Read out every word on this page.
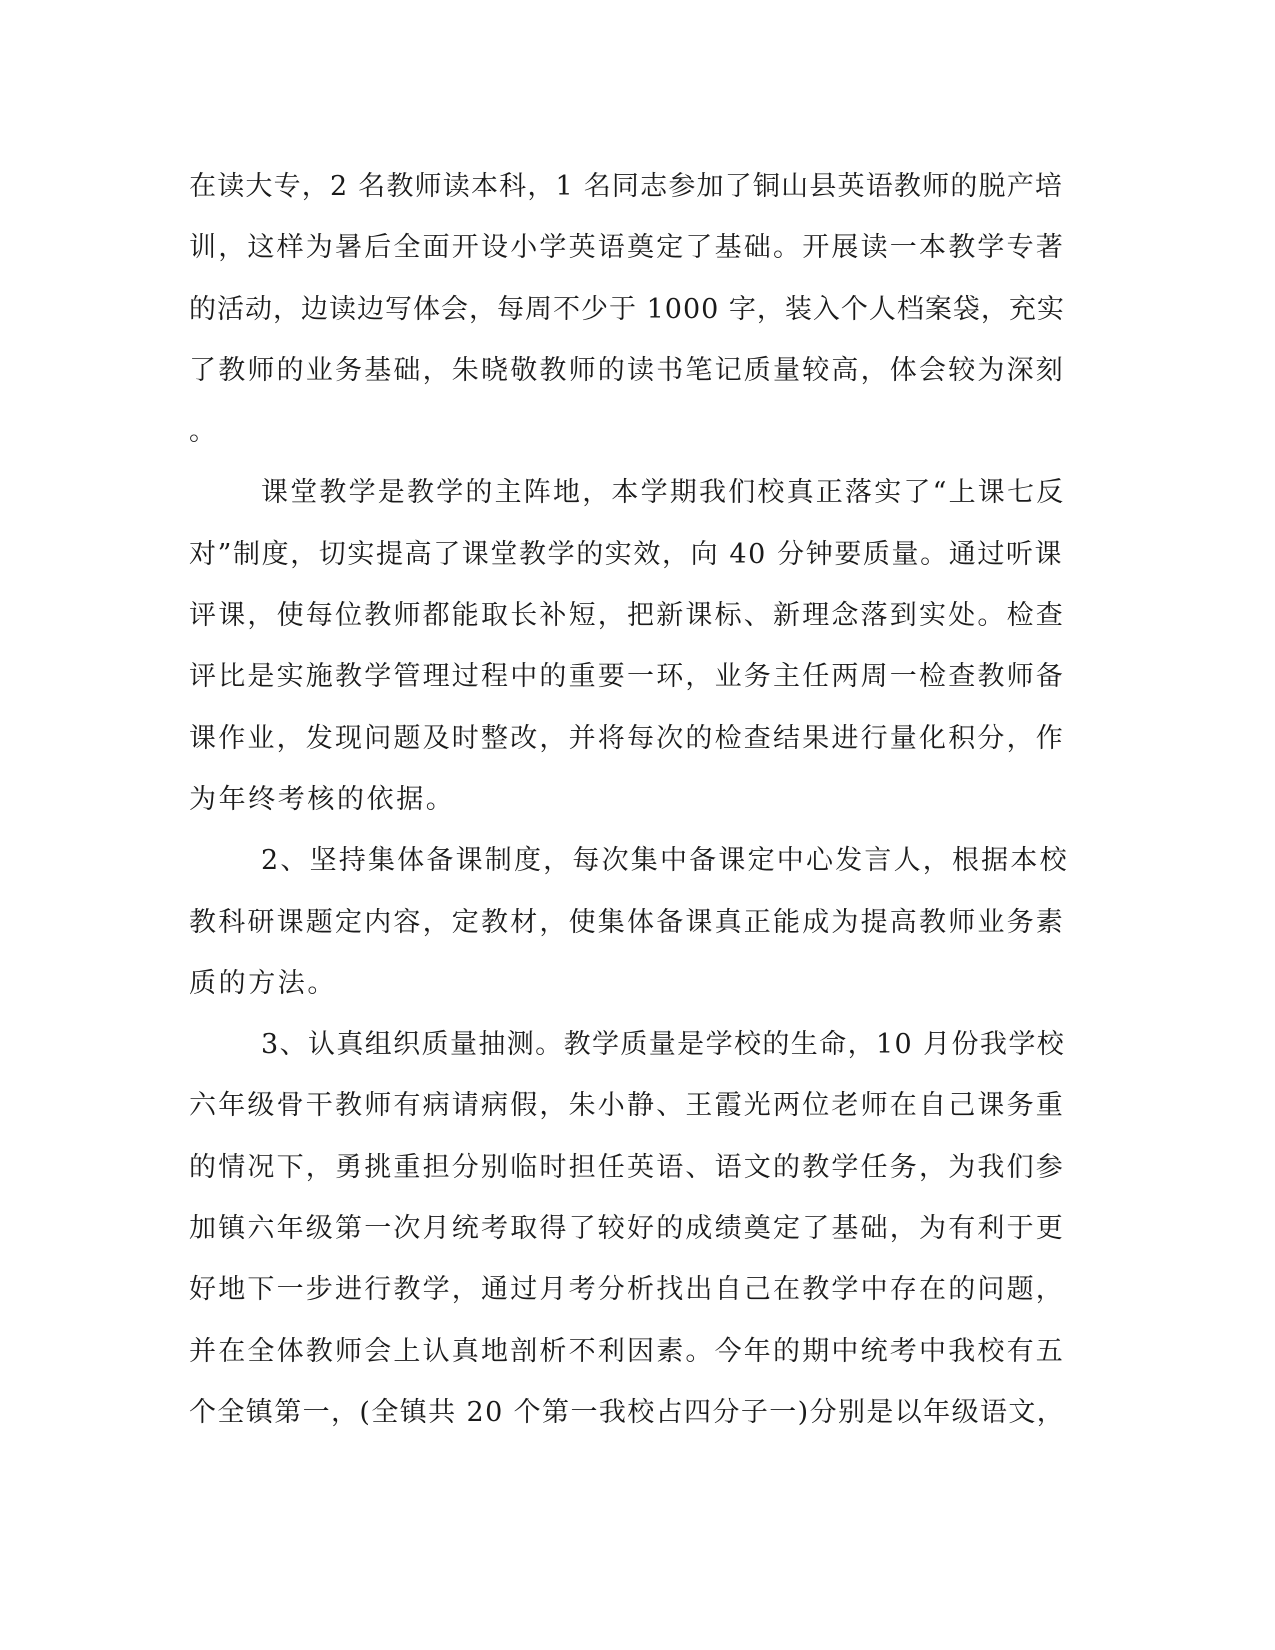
在读大专，2 名教师读本科，1 名同志参加了铜山县英语教师的脱产培
训，这样为暑后全面开设小学英语奠定了基础。开展读一本教学专著
的活动，边读边写体会，每周不少于 1000 字，装入个人档案袋，充实
了教师的业务基础，朱晓敬教师的读书笔记质量较高，体会较为深刻
。
课堂教学是教学的主阵地，本学期我们校真正落实了“上课七反
对”制度，切实提高了课堂教学的实效，向 40 分钟要质量。通过听课
评课，使每位教师都能取长补短，把新课标、新理念落到实处。检查
评比是实施教学管理过程中的重要一环，业务主任两周一检查教师备
课作业，发现问题及时整改，并将每次的检查结果进行量化积分，作
为年终考核的依据。
2、坚持集体备课制度，每次集中备课定中心发言人，根据本校
教科研课题定内容，定教材，使集体备课真正能成为提高教师业务素
质的方法。
3、认真组织质量抽测。教学质量是学校的生命，10 月份我学校
六年级骨干教师有病请病假，朱小静、王霞光两位老师在自己课务重
的情况下，勇挑重担分别临时担任英语、语文的教学任务，为我们参
加镇六年级第一次月统考取得了较好的成绩奠定了基础，为有利于更
好地下一步进行教学，通过月考分析找出自己在教学中存在的问题，
并在全体教师会上认真地剖析不利因素。今年的期中统考中我校有五
个全镇第一，(全镇共 20 个第一我校占四分子一)分别是以年级语文，
